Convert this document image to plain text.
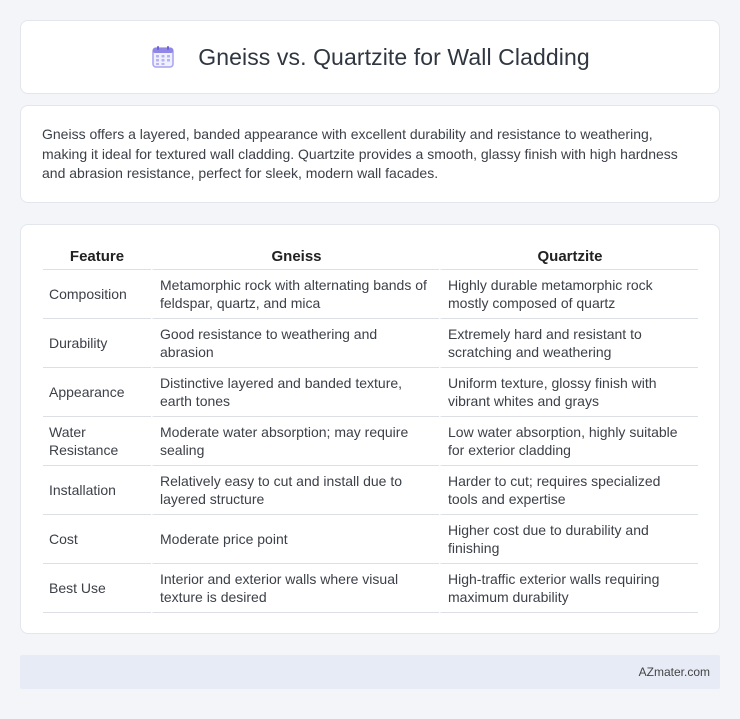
Gneiss vs. Quartzite for Wall Cladding

Gneiss offers a layered, banded appearance with excellent durability and resistance to weathering, making it ideal for textured wall cladding. Quartzite provides a smooth, glassy finish with high hardness and abrasion resistance, perfect for sleek, modern wall facades.

Feature	Gneiss	Quartzite
Composition	Metamorphic rock with alternating bands of feldspar, quartz, and mica	Highly durable metamorphic rock mostly composed of quartz
Durability	Good resistance to weathering and abrasion	Extremely hard and resistant to scratching and weathering
Appearance	Distinctive layered and banded texture, earth tones	Uniform texture, glossy finish with vibrant whites and grays
Water Resistance	Moderate water absorption; may require sealing	Low water absorption, highly suitable for exterior cladding
Installation	Relatively easy to cut and install due to layered structure	Harder to cut; requires specialized tools and expertise
Cost	Moderate price point	Higher cost due to durability and finishing
Best Use	Interior and exterior walls where visual texture is desired	High-traffic exterior walls requiring maximum durability
AZmater.com
